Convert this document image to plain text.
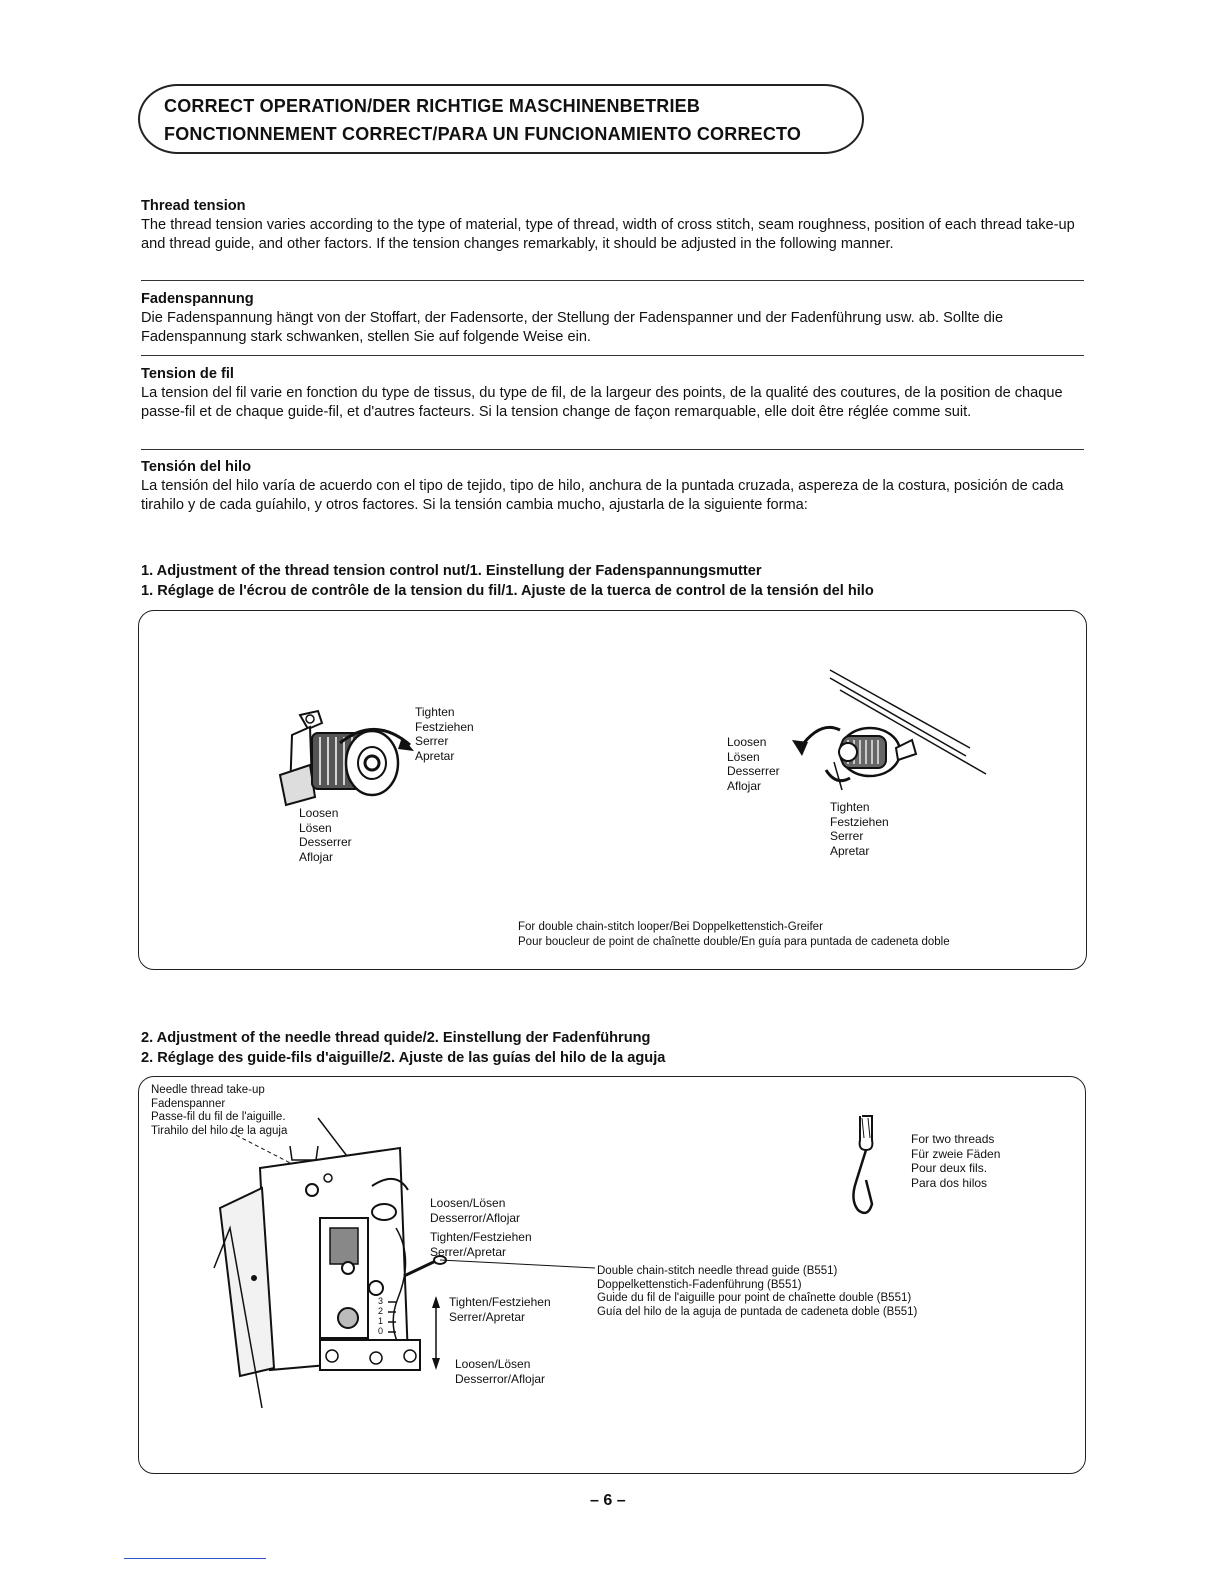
CORRECT OPERATION/DER RICHTIGE MASCHINENBETRIEB
FONCTIONNEMENT CORRECT/PARA UN FUNCIONAMIENTO CORRECTO
Thread tension
The thread tension varies according to the type of material, type of thread, width of cross stitch, seam roughness, position of each thread take-up and thread guide, and other factors. If the tension changes remarkably, it should be adjusted in the following manner.
Fadenspannung
Die Fadenspannung hängt von der Stoffart, der Fadensorte, der Stellung der Fadenspanner und der Fadenführung usw. ab. Sollte die Fadenspannung stark schwanken, stellen Sie auf folgende Weise ein.
Tension de fil
La tension del fil varie en fonction du type de tissus, du type de fil, de la largeur des points, de la qualité des coutures, de la position de chaque passe-fil et de chaque guide-fil, et d'autres facteurs. Si la tension change de façon remarquable, elle doit être réglée comme suit.
Tensión del hilo
La tensión del hilo varía de acuerdo con el tipo de tejido, tipo de hilo, anchura de la puntada cruzada, aspereza de la costura, posición de cada tirahilo y de cada guíahilo, y otros factores. Si la tensión cambia mucho, ajustarla de la siguiente forma:
1. Adjustment of the thread tension control nut/1. Einstellung der Fadenspannungsmutter
1. Réglage de l'écrou de contrôle de la tension du fil/1. Ajuste de la tuerca de control de la tensión del hilo
Tighten
Festziehen
Serrer
Apretar
Loosen
Lösen
Desserrer
Aflojar
Loosen
Lösen
Desserrer
Aflojar
Tighten
Festziehen
Serrer
Apretar
For double chain-stitch looper/Bei Doppelkettenstich-Greifer
Pour boucleur de point de chaînette double/En guía para puntada de cadeneta doble
2. Adjustment of the needle thread quide/2. Einstellung der Fadenführung
2. Réglage des guide-fils d'aiguille/2. Ajuste de las guías del hilo de la aguja
3
2
1
0
Needle thread take-up
Fadenspanner
Passe-fil du fil de l'aiguille.
Tirahilo del hilo de la aguja
Loosen/Lösen
Desserror/Aflojar
Tighten/Festziehen
Serrer/Apretar
Tighten/Festziehen
Serrer/Apretar
Loosen/Lösen
Desserror/Aflojar
Double chain-stitch needle thread guide (B551)
Doppelkettenstich-Fadenführung (B551)
Guide du fil de l'aiguille pour point de chaînette double (B551)
Guía del hilo de la aguja de puntada de cadeneta doble (B551)
For two threads
Für zweie Fäden
Pour deux fils.
Para dos hilos
– 6 –
